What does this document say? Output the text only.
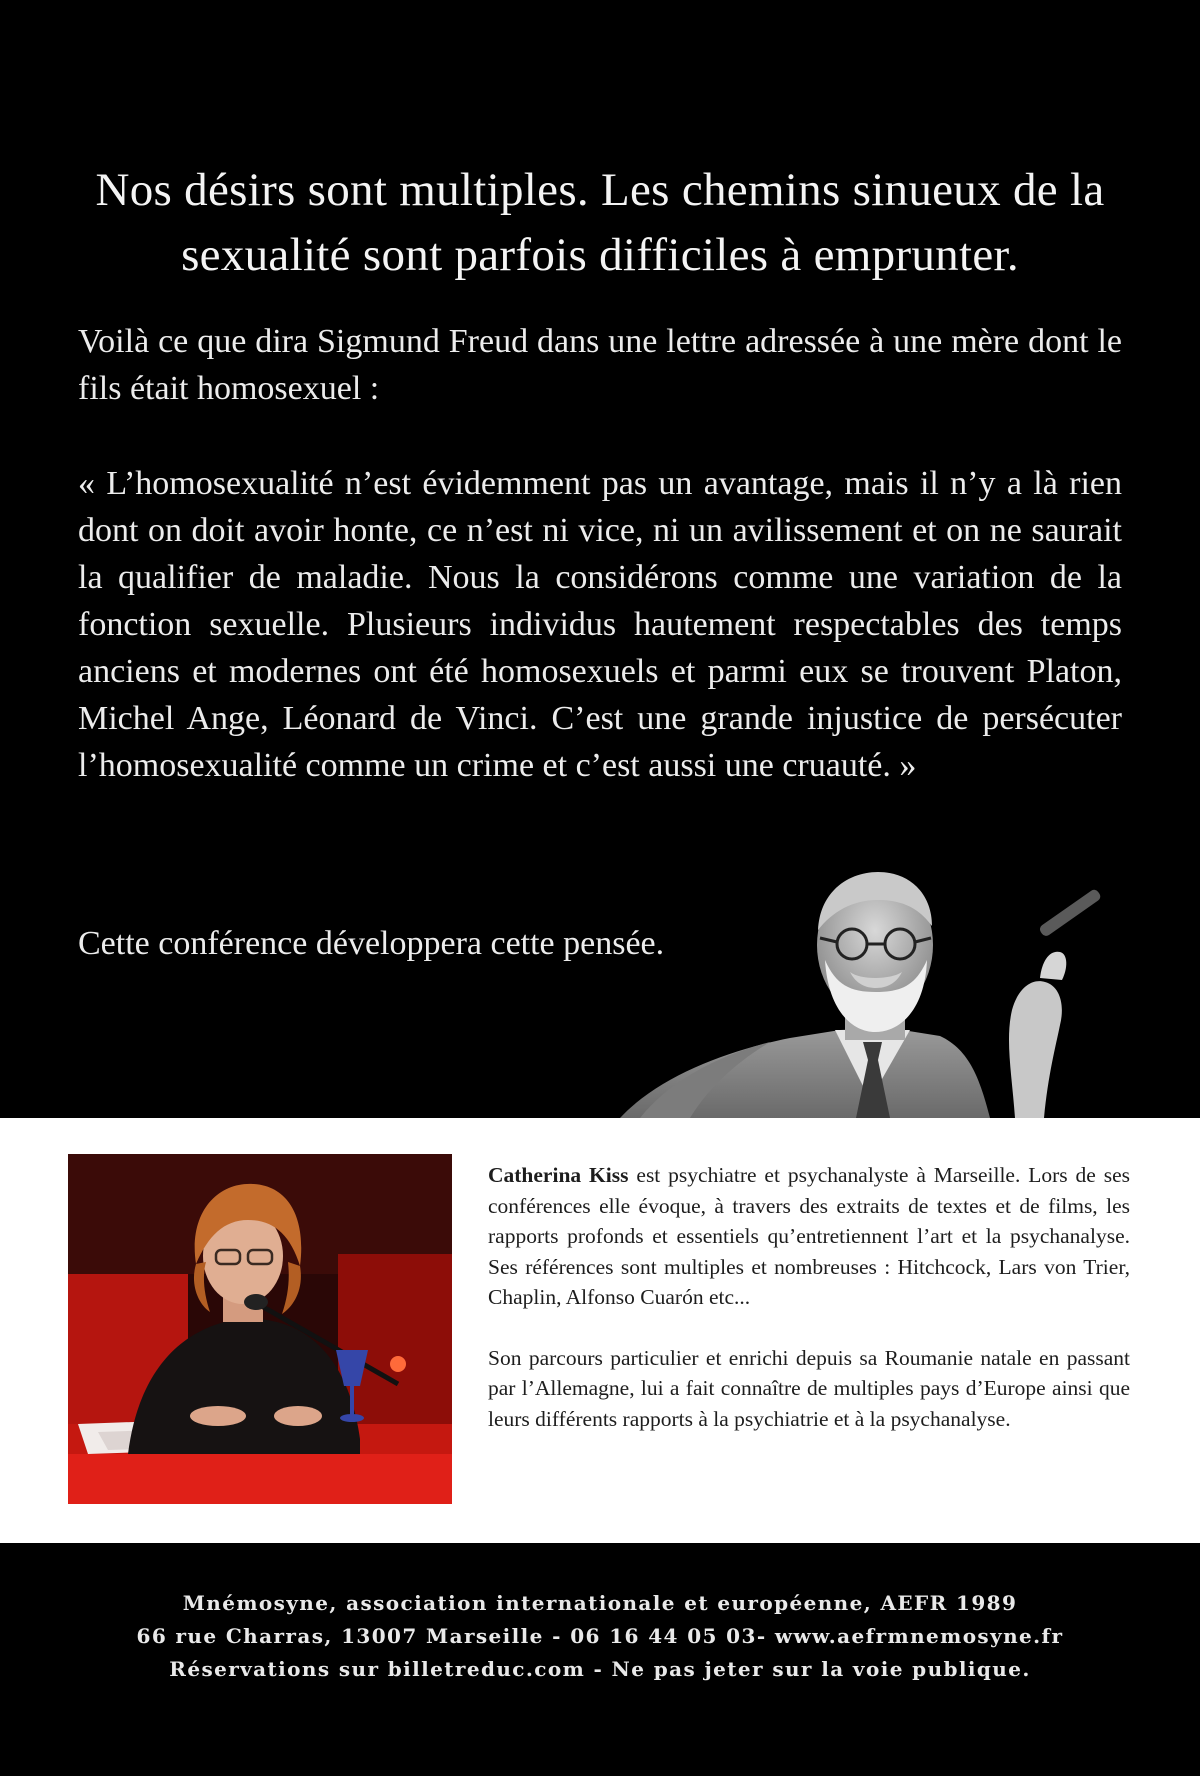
Nos désirs sont multiples. Les chemins sinueux de la sexualité sont parfois difficiles à emprunter.

Voilà ce que dira Sigmund Freud dans une lettre adressée à une mère dont le fils était homosexuel :

« L’homosexualité n’est évidemment pas un avantage, mais il n’y a là rien dont on doit avoir honte, ce n’est ni vice, ni un avilissement et on ne saurait la qualifier de maladie. Nous la considérons comme une variation de la fonction sexuelle. Plusieurs individus hautement respectables des temps anciens et modernes ont été homosexuels et parmi eux se trouvent Platon, Michel Ange, Léonard de Vinci. C’est une grande injustice de persécuter l’homosexualité comme un crime et c’est aussi une cruauté. »

Cette conférence développera cette pensée.

Catherina Kiss est psychiatre et psychanalyste à Marseille. Lors de ses conférences elle évoque, à travers des extraits de textes et de films, les rapports profonds et essentiels qu’entretiennent l’art et la psychanalyse. Ses références sont multiples et nombreuses : Hitchcock, Lars von Trier, Chaplin, Alfonso Cuarón etc...

Son parcours particulier et enrichi depuis sa Roumanie natale en passant par l’Allemagne, lui a fait connaître de multiples pays d’Europe ainsi que leurs différents rapports à la psychiatrie et à la psychanalyse.

Mnémosyne, association internationale et européenne, AEFR 1989
66 rue Charras, 13007 Marseille - 06 16 44 05 03- www.aefrmnemosyne.fr
Réservations sur billetreduc.com - Ne pas jeter sur la voie publique.
